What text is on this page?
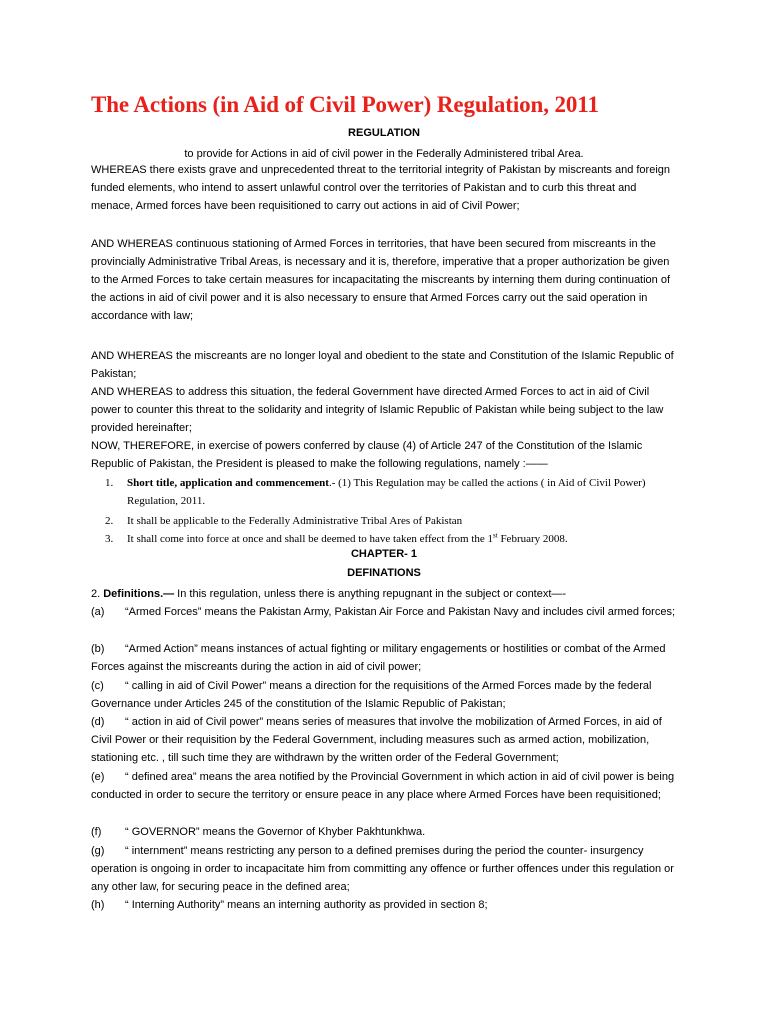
The Actions (in Aid of Civil Power) Regulation, 2011
REGULATION
to provide for Actions in aid of civil power in the Federally Administered tribal Area.

WHEREAS there exists grave and unprecedented threat to the territorial integrity of Pakistan by miscreants and foreign funded elements, who intend to assert unlawful control over the territories of Pakistan and to curb this threat and menace, Armed forces have been requisitioned to carry out actions in aid of Civil Power;

AND WHEREAS continuous stationing of Armed Forces in territories, that have been secured from miscreants in the provincially Administrative Tribal Areas, is necessary and it is, therefore, imperative that a proper authorization be given to the Armed Forces to take certain measures for incapacitating the miscreants by interning them during continuation of the actions in aid of civil power and it is also necessary to ensure that Armed Forces carry out the said operation in accordance with law;

AND WHEREAS the miscreants are no longer loyal and obedient to the state and Constitution of the Islamic Republic of Pakistan;

AND WHEREAS to address this situation, the federal Government have directed Armed Forces to act in aid of Civil power to counter this threat to the solidarity and integrity of Islamic Republic of Pakistan while being subject to the law provided hereinafter;

NOW, THEREFORE, in exercise of powers conferred by clause (4) of Article 247 of the Constitution of the Islamic Republic of Pakistan, the President is pleased to make the following regulations, namely :——

1. Short title, application and commencement.- (1) This Regulation may be called the actions ( in Aid of Civil Power) Regulation, 2011.
2. It shall be applicable to the Federally Administrative Tribal Ares of Pakistan
3. It shall come into force at once and shall be deemed to have taken effect from the 1st February 2008.
CHAPTER- 1
DEFINATIONS
2. Definitions.— In this regulation, unless there is anything repugnant in the subject or context—-
(a)	“Armed Forces” means the Pakistan Army, Pakistan Air Force and Pakistan Navy and includes civil armed forces;

(b)	“Armed Action” means instances of actual fighting or military engagements or hostilities or combat of the Armed Forces against the miscreants during the action in aid of civil power;

(c)	“ calling in aid of Civil Power” means a direction for the requisitions of the Armed Forces made by the federal Governance under Articles 245 of the constitution of the Islamic Republic of Pakistan;

(d)	“ action in aid of Civil power” means series of measures that involve the mobilization of Armed Forces, in aid of Civil Power or their requisition by the Federal Government, including measures such as armed action, mobilization, stationing etc. , till such time they are withdrawn by the written order of the Federal Government;

(e)	“ defined area” means the area notified by the Provincial Government in which action in aid of civil power is being conducted in order to secure the territory or ensure peace in any place where Armed Forces have been requisitioned;

(f)	“ GOVERNOR” means the Governor of Khyber Pakhtunkhwa.

(g)	“ internment” means restricting any person to a defined premises during the period the counter- insurgency operation is ongoing in order to incapacitate him from committing any offence or further offences under this regulation or any other law, for securing peace in the defined area;

(h)	“ Interning Authority” means an interning authority as provided in section 8;
